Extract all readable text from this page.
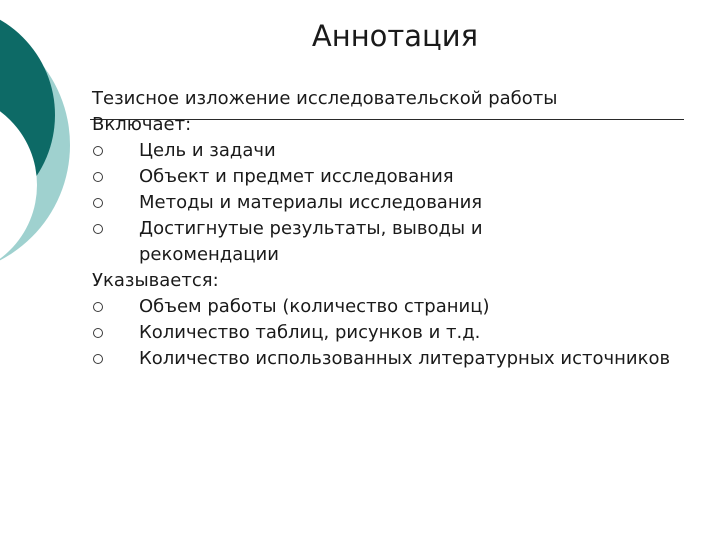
Аннотация
Тезисное изложение исследовательской работы
Включает:
Цель и задачи
Объект и предмет исследования
Методы и материалы исследования
Достигнутые результаты, выводы и рекомендации
Указывается:
Объем работы (количество страниц)
Количество таблиц, рисунков и т.д.
Количество использованных литературных источников
